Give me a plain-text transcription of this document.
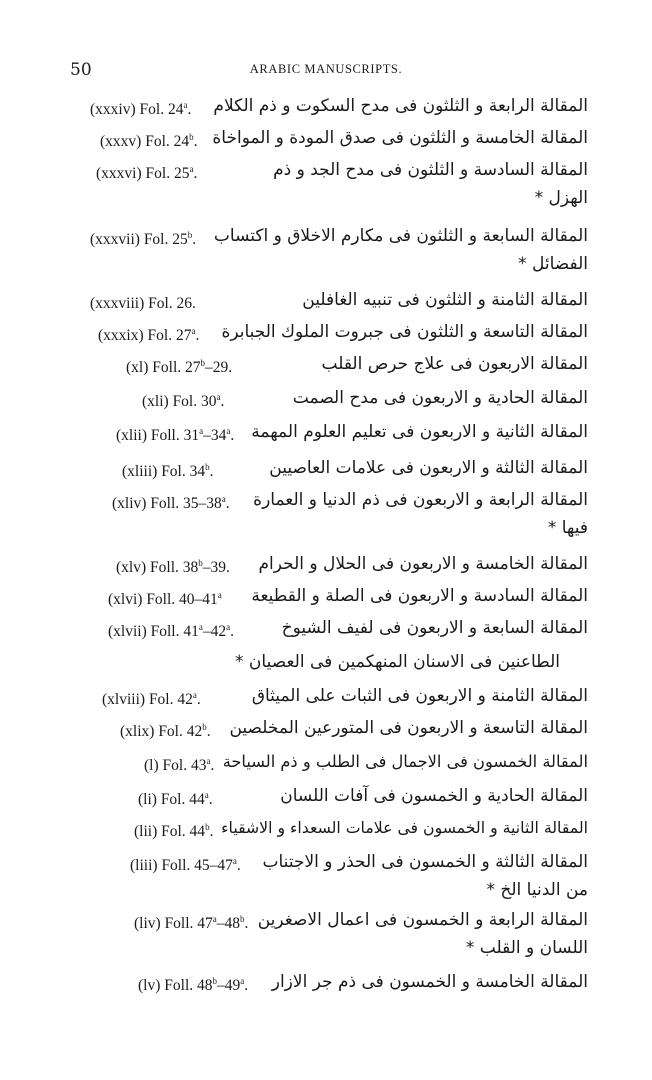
50	ARABIC MANUSCRIPTS.
(xxxiv) Fol. 24$^a$. المقالة الرابعة و الثلثون فى مدح السكوت و ذم الكلام
(xxxv) Fol. 24$^b$. المقالة الخامسة و الثلثون فى صدق المودة و المواخاة
(xxxvi) Fol. 25$^a$.	المقالة السادسة و الثلثون فى مدح الجد و ذم
الهزل *
(xxxvii) Fol. 25$^b$. المقالة السابعة و الثلثون فى مكارم الاخلاق و اكتساب
الفضائل *
(xxxviii) Fol. 26.	المقالة الثامنة و الثلثون فى تنبيه الغافلين
(xxxix) Fol. 27$^a$. المقالة التاسعة و الثلثون فى جبروت الملوك الجبابرة
(xl) Foll. 27$^b$–29.	المقالة الاربعون فى علاج حرص القلب
(xli) Fol. 30$^a$.	المقالة الحادية و الاربعون فى مدح الصمت
(xlii) Foll. 31$^a$–34$^a$. المقالة الثانية و الاربعون فى تعليم العلوم المهمة
(xliii) Fol. 34$^b$.	المقالة الثالثة و الاربعون فى علامات العاصيين
(xliv) Foll. 35–38$^a$. المقالة الرابعة و الاربعون فى ذم الدنيا و العمارة
فيها *
(xlv) Foll. 38$^b$–39. المقالة الخامسة و الاربعون فى الحلال و الحرام
(xlvi) Foll. 40–41$^a$ المقالة السادسة و الاربعون فى الصلة و القطيعة
(xlvii) Foll. 41$^a$–42$^a$.	المقالة السابعة و الاربعون فى لفيف الشيوخ
الطاعنين فى الاسنان المنهكمين فى العصيان *
(xlviii) Fol. 42$^a$.	المقالة الثامنة و الاربعون فى الثبات على الميثاق
(xlix) Fol. 42$^b$. المقالة التاسعة و الاربعون فى المتورعين المخلصين
(l) Fol. 43$^a$. المقالة الخمسون فى الاجمال فى الطلب و ذم السياحة
(li) Fol. 44$^a$.	المقالة الحادية و الخمسون فى آفات اللسان
(lii) Fol. 44$^b$. المقالة الثانية و الخمسون فى علامات السعداء و الاشقياء
(liii) Foll. 45–47$^a$. المقالة الثالثة و الخمسون فى الحذر و الاجتناب
من الدنيا الخ *
(liv) Foll. 47$^a$–48$^b$. المقالة الرابعة و الخمسون فى اعمال الاصغرين
اللسان و القلب *
(lv) Foll. 48$^b$–49$^a$. المقالة الخامسة و الخمسون فى ذم جر الازار
